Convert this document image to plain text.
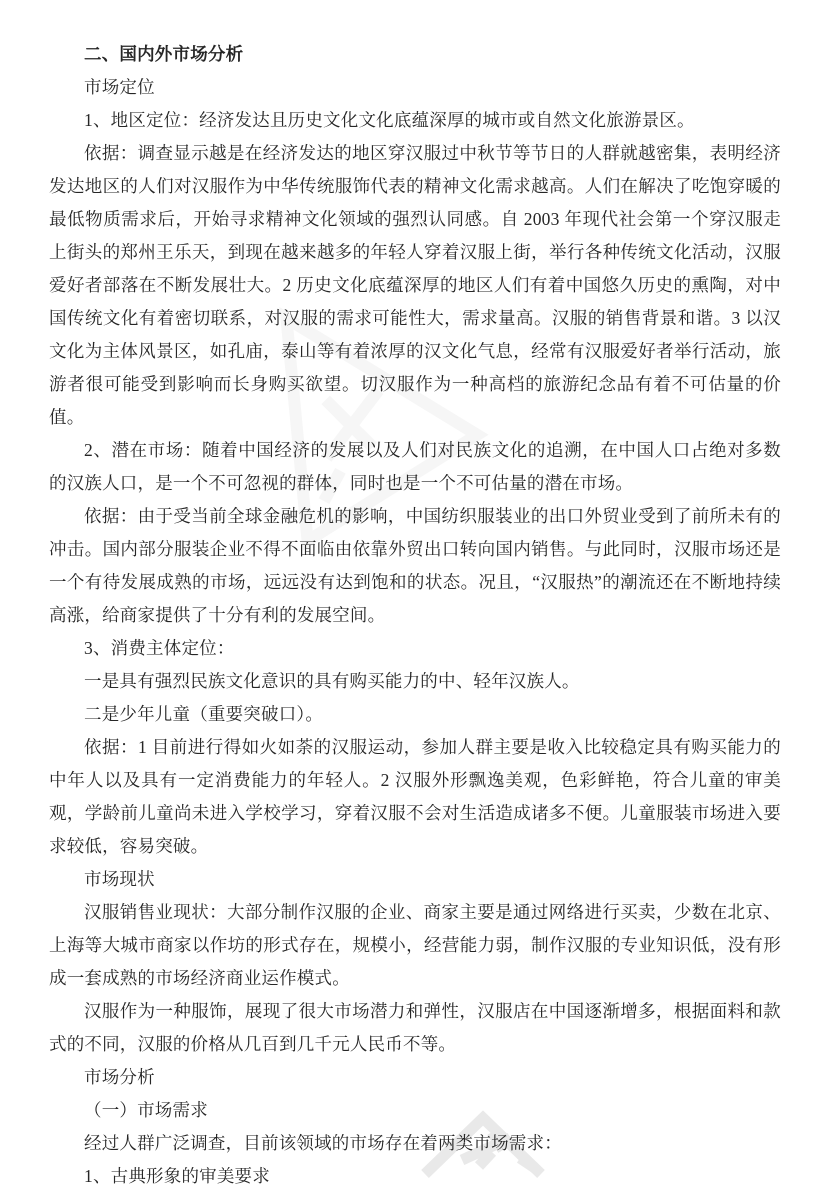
二、国内外市场分析

市场定位

1、地区定位：经济发达且历史文化文化底蕴深厚的城市或自然文化旅游景区。

依据：调查显示越是在经济发达的地区穿汉服过中秋节等节日的人群就越密集，表明经济发达地区的人们对汉服作为中华传统服饰代表的精神文化需求越高。人们在解决了吃饱穿暖的最低物质需求后，开始寻求精神文化领域的强烈认同感。自 2003 年现代社会第一个穿汉服走上街头的郑州王乐天，到现在越来越多的年轻人穿着汉服上街，举行各种传统文化活动，汉服爱好者部落在不断发展壮大。2 历史文化底蕴深厚的地区人们有着中国悠久历史的熏陶，对中国传统文化有着密切联系，对汉服的需求可能性大，需求量高。汉服的销售背景和谐。3 以汉文化为主体风景区，如孔庙，泰山等有着浓厚的汉文化气息，经常有汉服爱好者举行活动，旅游者很可能受到影响而长身购买欲望。切汉服作为一种高档的旅游纪念品有着不可估量的价值。

2、潜在市场：随着中国经济的发展以及人们对民族文化的追溯，在中国人口占绝对多数的汉族人口，是一个不可忽视的群体，同时也是一个不可估量的潜在市场。

依据：由于受当前全球金融危机的影响，中国纺织服装业的出口外贸业受到了前所未有的冲击。国内部分服装企业不得不面临由依靠外贸出口转向国内销售。与此同时，汉服市场还是一个有待发展成熟的市场，远远没有达到饱和的状态。况且，“汉服热”的潮流还在不断地持续高涨，给商家提供了十分有利的发展空间。

3、消费主体定位：

一是具有强烈民族文化意识的具有购买能力的中、轻年汉族人。

二是少年儿童（重要突破口）。

依据：1 目前进行得如火如荼的汉服运动，参加人群主要是收入比较稳定具有购买能力的中年人以及具有一定消费能力的年轻人。2 汉服外形飘逸美观，色彩鲜艳，符合儿童的审美观，学龄前儿童尚未进入学校学习，穿着汉服不会对生活造成诸多不便。儿童服装市场进入要求较低，容易突破。

市场现状

汉服销售业现状：大部分制作汉服的企业、商家主要是通过网络进行买卖，少数在北京、上海等大城市商家以作坊的形式存在，规模小，经营能力弱，制作汉服的专业知识低，没有形成一套成熟的市场经济商业运作模式。

汉服作为一种服饰，展现了很大市场潜力和弹性，汉服店在中国逐渐增多，根据面料和款式的不同，汉服的价格从几百到几千元人民币不等。

市场分析

（一）市场需求

经过人群广泛调查，目前该领域的市场存在着两类市场需求：

1、古典形象的审美要求
